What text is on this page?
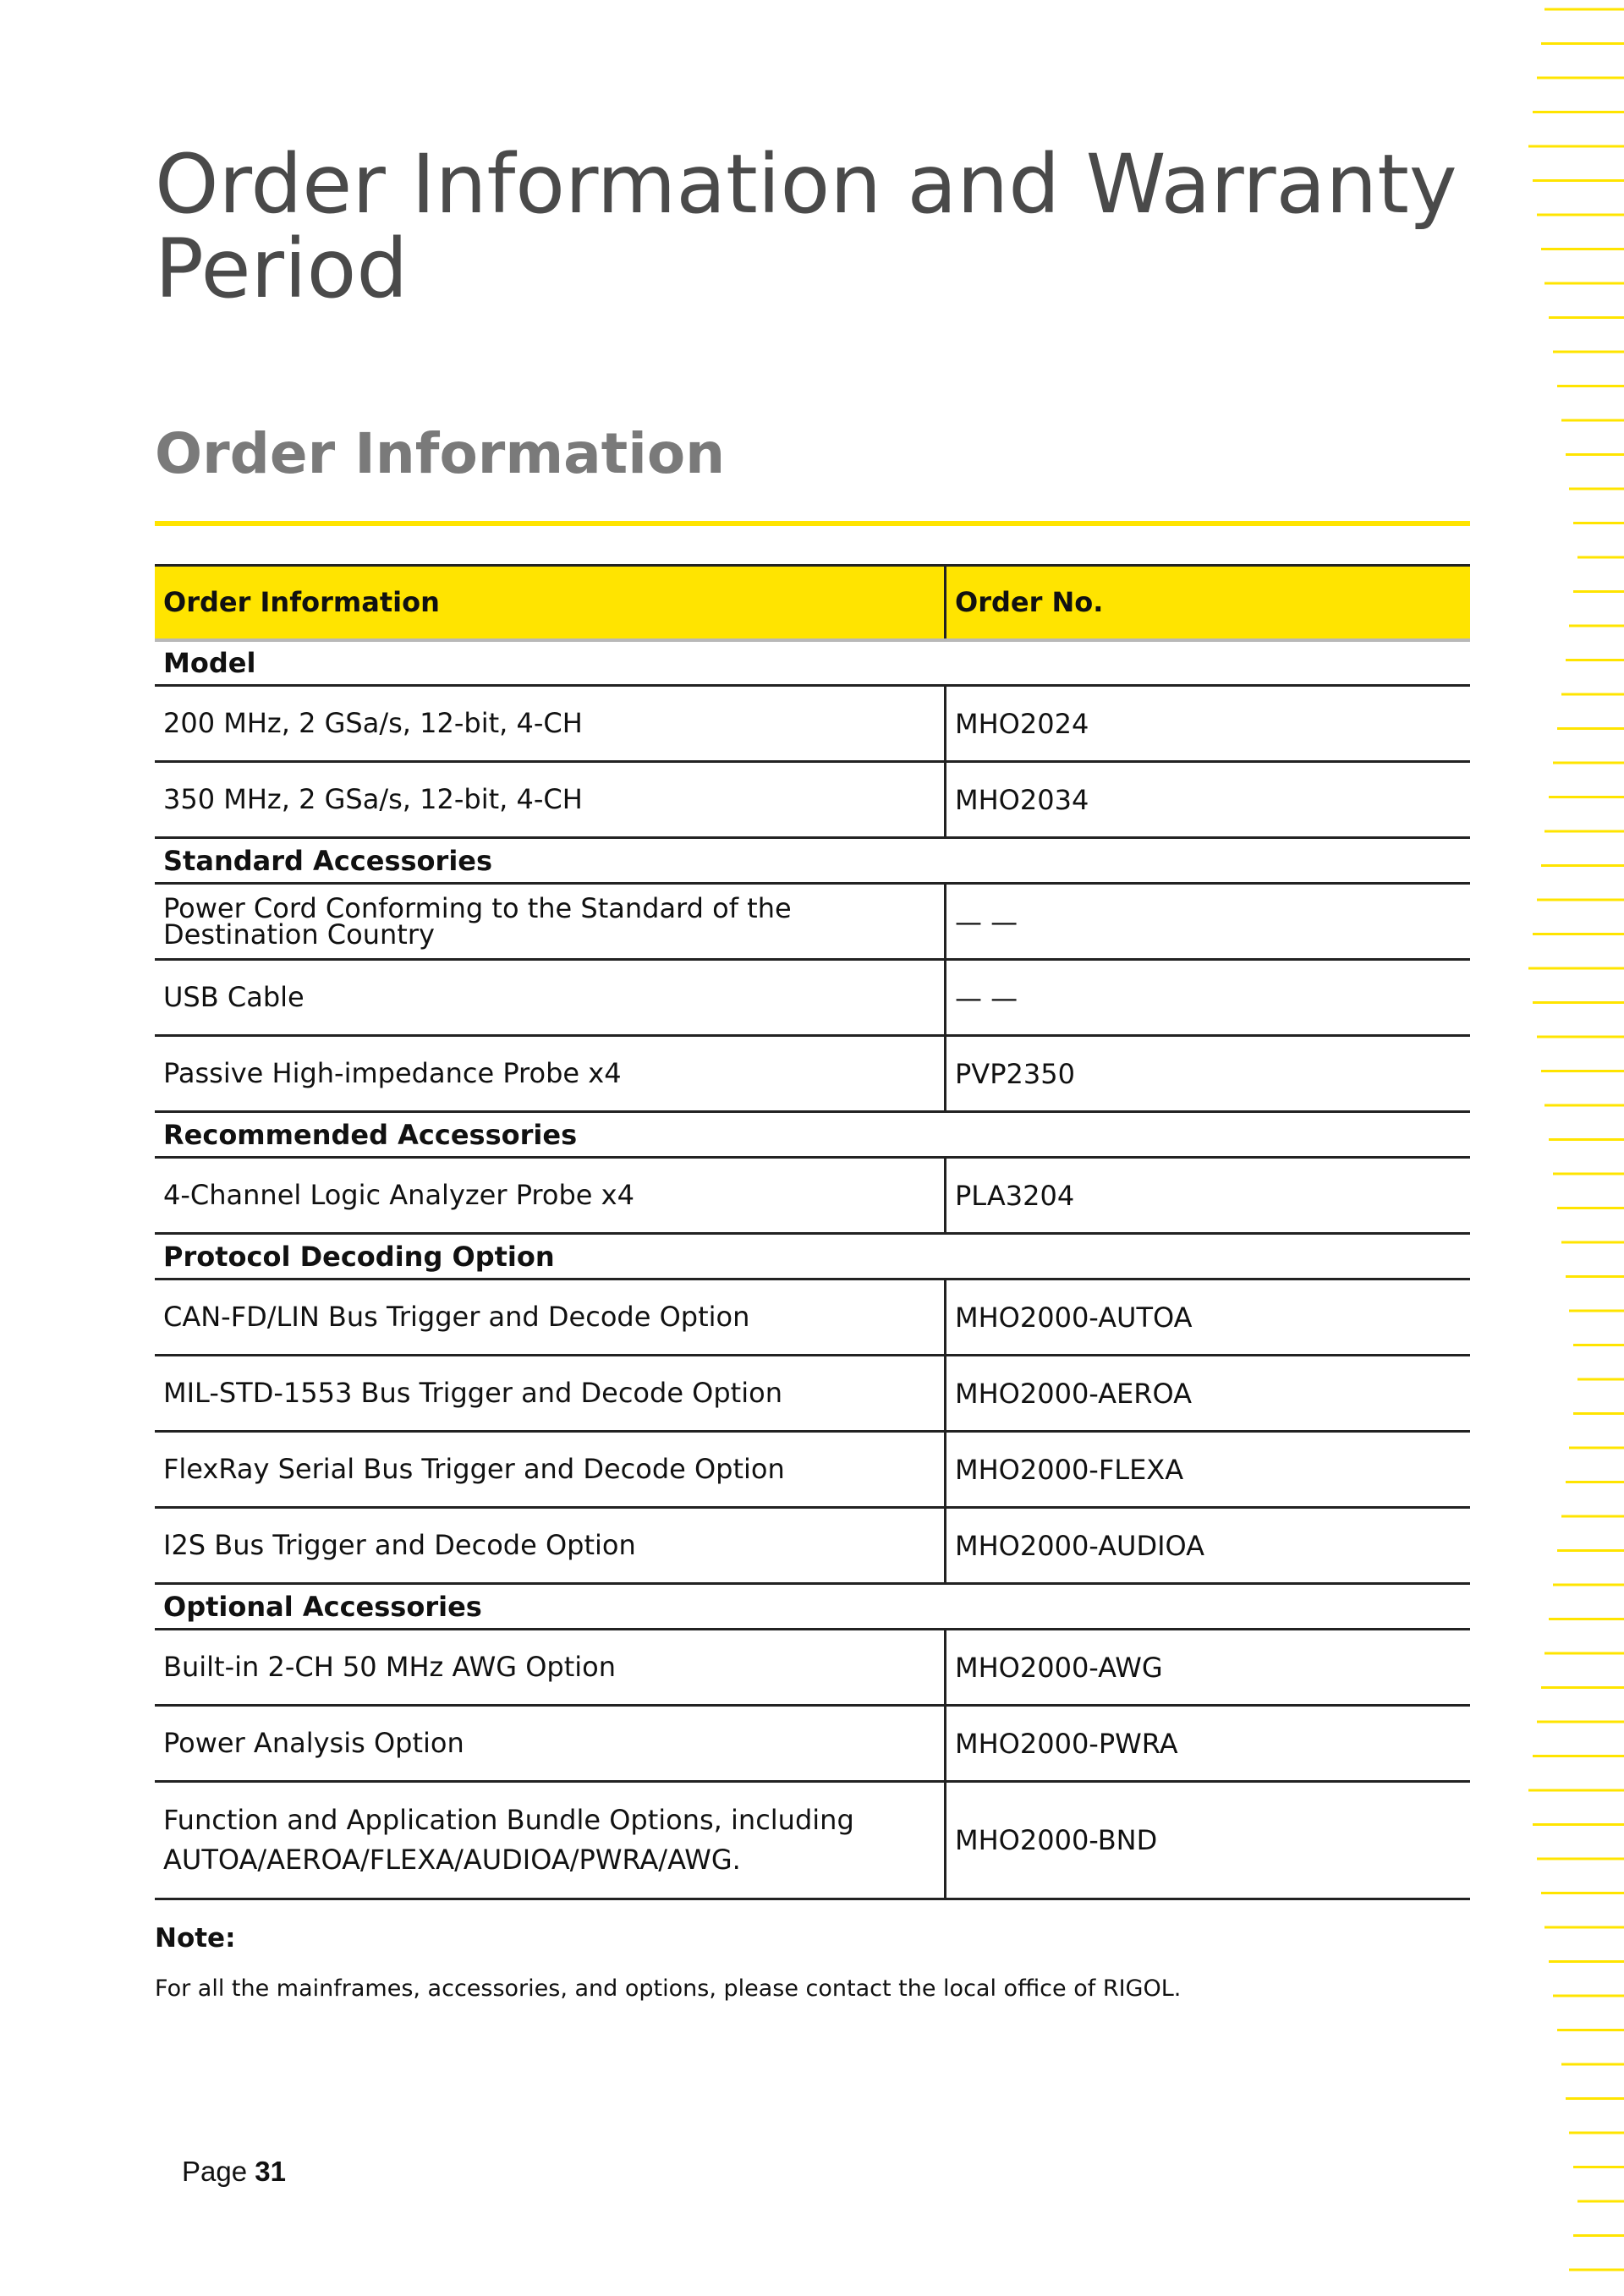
Order Information and Warranty Period
Order Information
Order Information	Order No.
Model	
200 MHz, 2 GSa/s, 12-bit, 4-CH	MHO2024
350 MHz, 2 GSa/s, 12-bit, 4-CH	MHO2034
Standard Accessories	
Power Cord Conforming to the Standard of the Destination Country	— —
USB Cable	— —
Passive High-impedance Probe x4	PVP2350
Recommended Accessories	
4-Channel Logic Analyzer Probe x4	PLA3204
Protocol Decoding Option	
CAN-FD/LIN Bus Trigger and Decode Option	MHO2000-AUTOA
MIL-STD-1553 Bus Trigger and Decode Option	MHO2000-AEROA
FlexRay Serial Bus Trigger and Decode Option	MHO2000-FLEXA
I2S Bus Trigger and Decode Option	MHO2000-AUDIOA
Optional Accessories	
Built-in 2-CH 50 MHz AWG Option	MHO2000-AWG
Power Analysis Option	MHO2000-PWRA
Function and Application Bundle Options, including AUTOA/AEROA/FLEXA/AUDIOA/PWRA/AWG.	MHO2000-BND

Note:

For all the mainframes, accessories, and options, please contact the local office of RIGOL.

Page 31
